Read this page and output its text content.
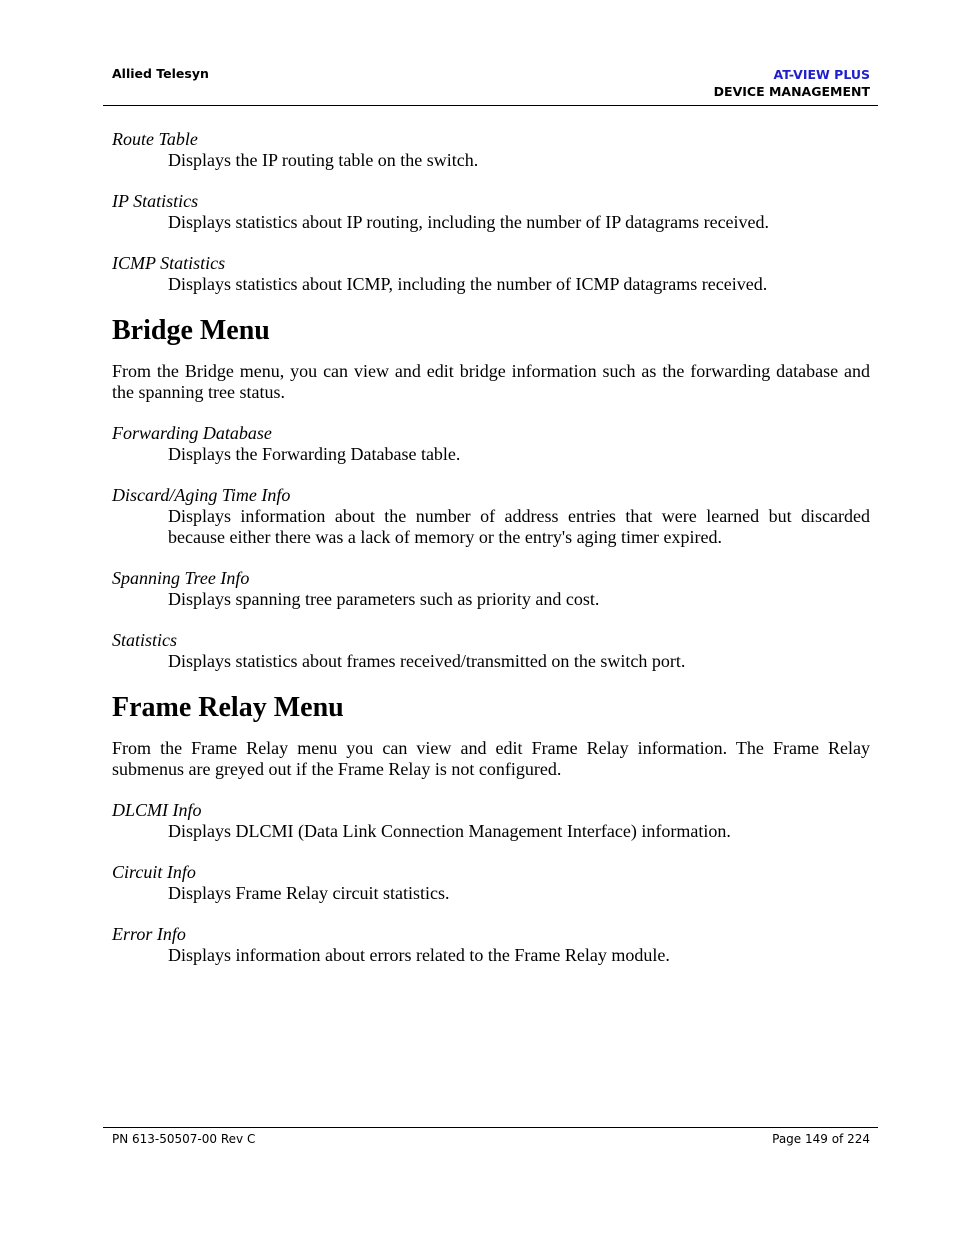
Allied Telesyn	AT-VIEW PLUS
DEVICE MANAGEMENT

Route Table

Displays the IP routing table on the switch.

IP Statistics

Displays statistics about IP routing, including the number of IP datagrams received.

ICMP Statistics

Displays statistics about ICMP, including the number of ICMP datagrams received.

Bridge Menu

From the Bridge menu, you can view and edit bridge information such as the forwarding database and the spanning tree status.

Forwarding Database

Displays the Forwarding Database table.

Discard/Aging Time Info

Displays information about the number of address entries that were learned but discarded because either there was a lack of memory or the entry's aging timer expired.

Spanning Tree Info

Displays spanning tree parameters such as priority and cost.

Statistics

Displays statistics about frames received/transmitted on the switch port.

Frame Relay Menu

From the Frame Relay menu you can view and edit Frame Relay information. The Frame Relay submenus are greyed out if the Frame Relay is not configured.

DLCMI Info

Displays DLCMI (Data Link Connection Management Interface) information.

Circuit Info

Displays Frame Relay circuit statistics.

Error Info

Displays information about errors related to the Frame Relay module.

PN 613-50507-00 Rev C	Page 149 of 224
